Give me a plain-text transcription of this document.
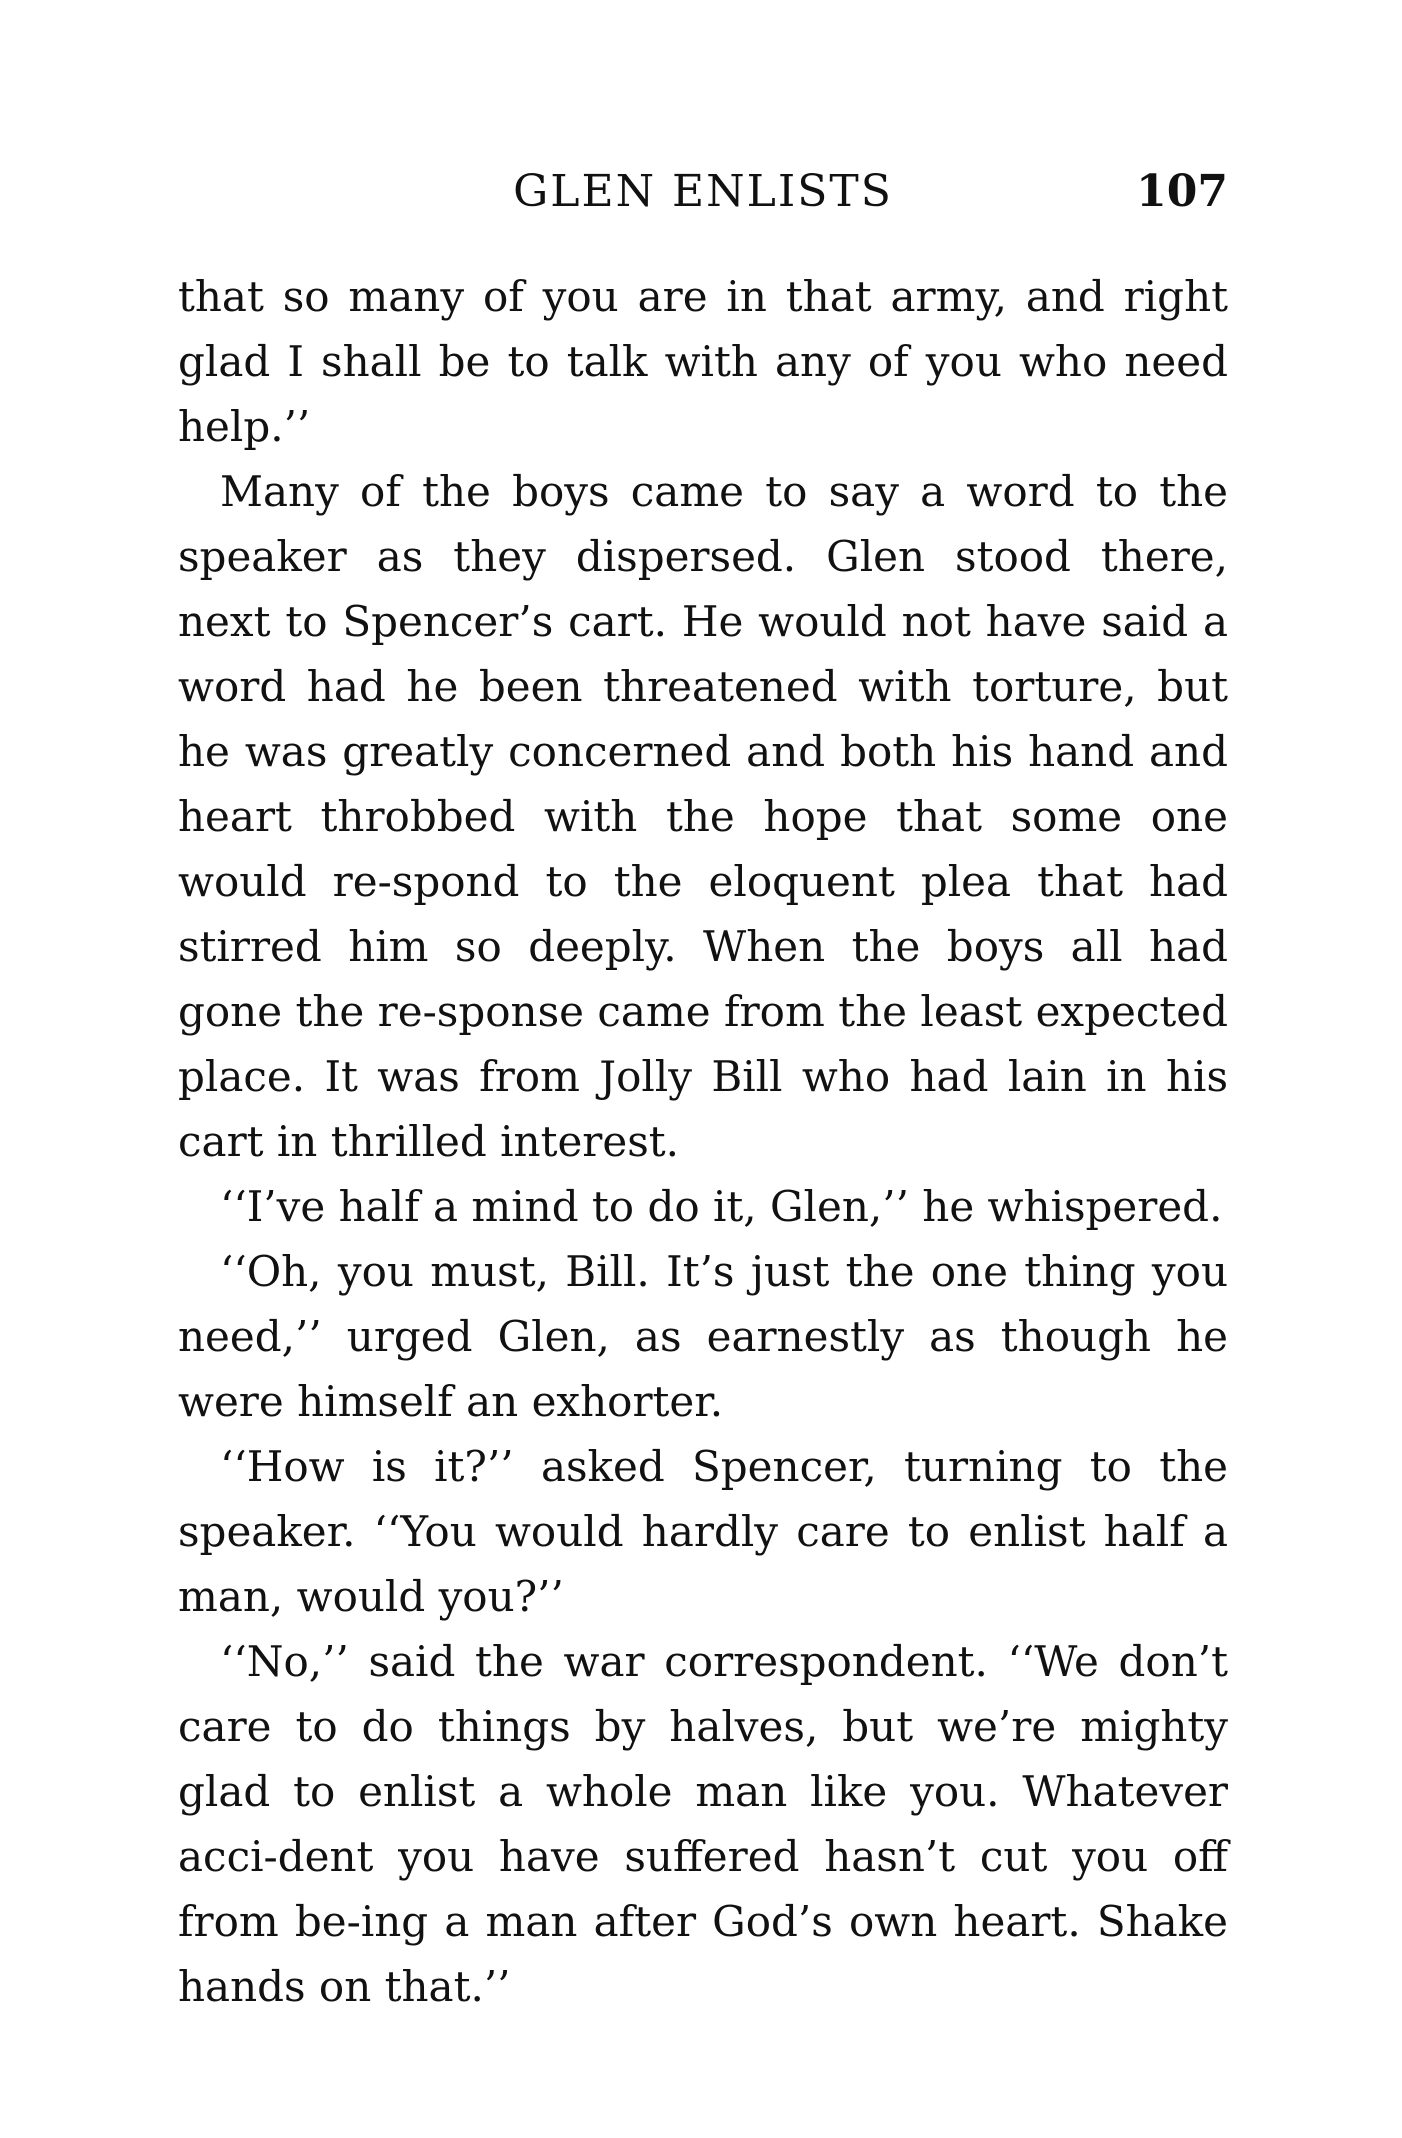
GLEN ENLISTS	107

that so many of you are in that army, and right glad I shall be to talk with any of you who need help.’’

Many of the boys came to say a word to the speaker as they dispersed. Glen stood there, next to Spencer’s cart. He would not have said a word had he been threatened with torture, but he was greatly concerned and both his hand and heart throbbed with the hope that some one would re-spond to the eloquent plea that had stirred him so deeply. When the boys all had gone the re-sponse came from the least expected place. It was from Jolly Bill who had lain in his cart in thrilled interest.

‘‘I’ve half a mind to do it, Glen,’’ he whispered.

‘‘Oh, you must, Bill. It’s just the one thing you need,’’ urged Glen, as earnestly as though he were himself an exhorter.

‘‘How is it?’’ asked Spencer, turning to the speaker. ‘‘You would hardly care to enlist half a man, would you?’’

‘‘No,’’ said the war correspondent. ‘‘We don’t care to do things by halves, but we’re mighty glad to enlist a whole man like you. Whatever acci-dent you have suffered hasn’t cut you off from be-ing a man after God’s own heart. Shake hands on that.’’
